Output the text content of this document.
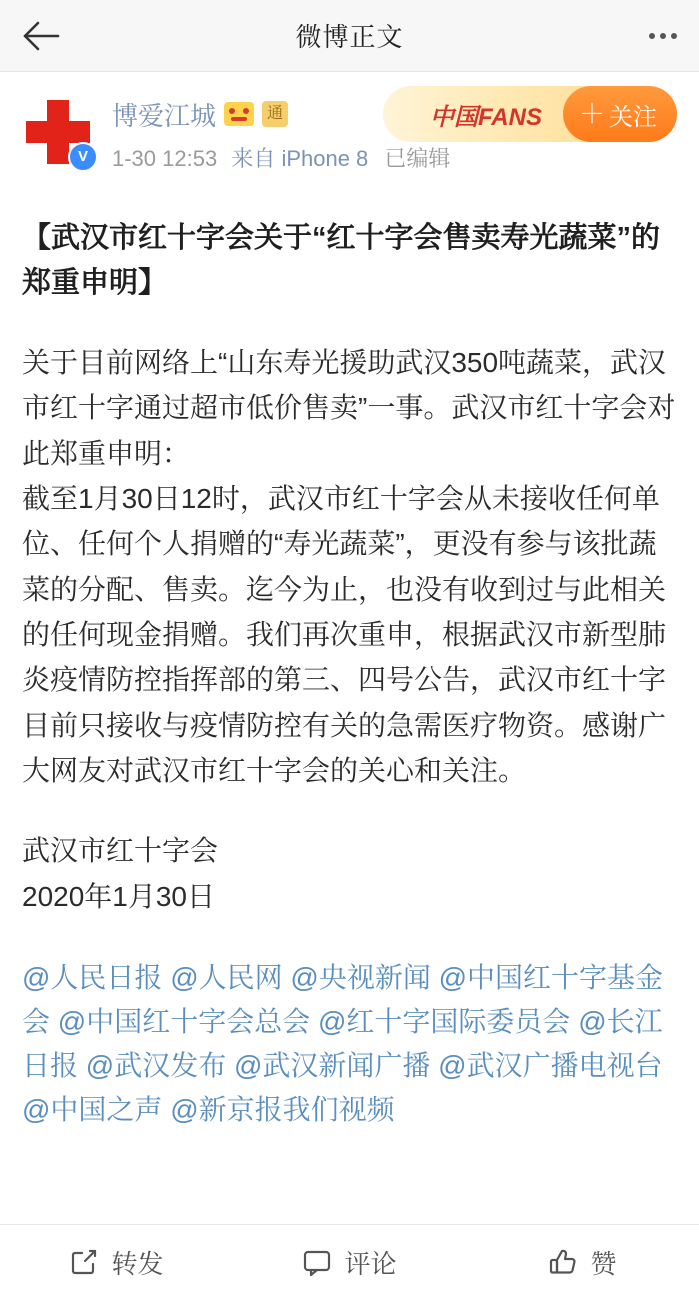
微博正文
V
博爱江城	通
1-30 12:53 来自 iPhone 8 已编辑
中国FANS ＋ 关注
【武汉市红十字会关于“红十字会售卖寿光蔬菜”的郑重申明】
关于目前网络上“山东寿光援助武汉350吨蔬菜，武汉市红十字通过超市低价售卖”一事。武汉市红十字会对此郑重申明：
截至1月30日12时，武汉市红十字会从未接收任何单位、任何个人捐赠的“寿光蔬菜”，更没有参与该批蔬菜的分配、售卖。迄今为止，也没有收到过与此相关的任何现金捐赠。我们再次重申，根据武汉市新型肺炎疫情防控指挥部的第三、四号公告，武汉市红十字目前只接收与疫情防控有关的急需医疗物资。感谢广大网友对武汉市红十字会的关心和关注。
武汉市红十字会
2020年1月30日
@人民日报 @人民网 @央视新闻 @中国红十字基金会 @中国红十字会总会 @红十字国际委员会 @长江日报 @武汉发布 @武汉新闻广播 @武汉广播电视台 @中国之声 @新京报我们视频
转发	评论	赞
